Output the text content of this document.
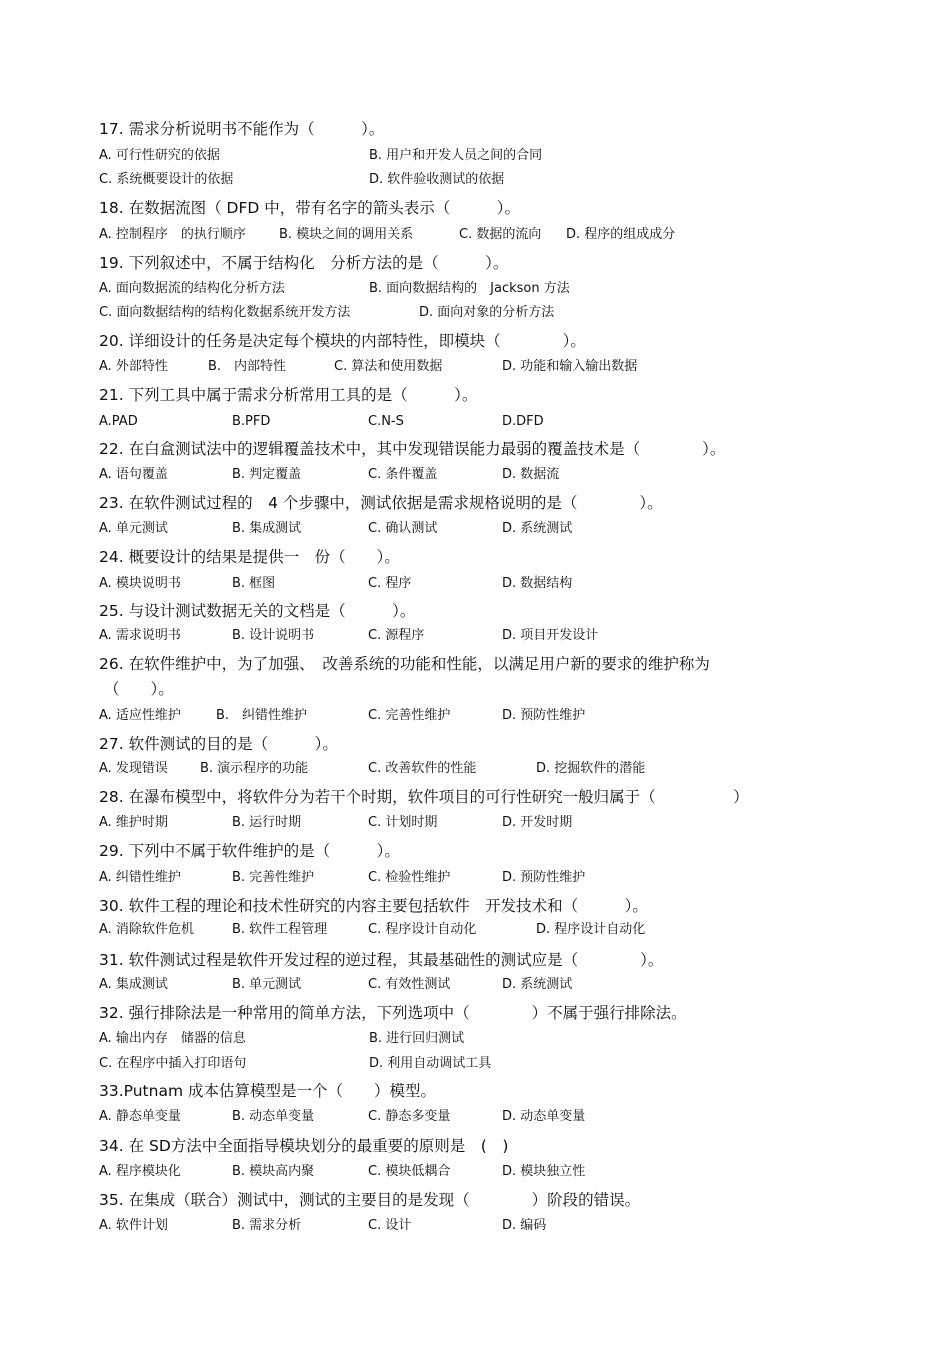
17. 需求分析说明书不能作为（　　　）。
A. 可行性研究的依据	B. 用户和开发人员之间的合同
C. 系统概要设计的依据	D. 软件验收测试的依据
18. 在数据流图（ DFD 中，带有名字的箭头表示（　　　）。
A. 控制程序　的执行顺序	B. 模块之间的调用关系	C. 数据的流向 D. 程序的组成成分
19. 下列叙述中，不属于结构化　分析方法的是（　　　）。
A. 面向数据流的结构化分析方法	B. 面向数据结构的　Jackson 方法
C. 面向数据结构的结构化数据系统开发方法	D. 面向对象的分析方法
20. 详细设计的任务是决定每个模块的内部特性，即模块（　　　　）。
A. 外部特性	B.　内部特性	C. 算法和使用数据	D. 功能和输入输出数据
21. 下列工具中属于需求分析常用工具的是（　　　）。
A.PAD	B.PFD	C.N-S	D.DFD
22. 在白盒测试法中的逻辑覆盖技术中，其中发现错误能力最弱的覆盖技术是（　　　　）。
A. 语句覆盖	B. 判定覆盖	C. 条件覆盖	D. 数据流
23. 在软件测试过程的　4 个步骤中，测试依据是需求规格说明的是（　　　　）。
A. 单元测试	B. 集成测试	C. 确认测试	D. 系统测试
24. 概要设计的结果是提供一　份（　　）。
A. 模块说明书	B. 框图	C. 程序	D. 数据结构
25. 与设计测试数据无关的文档是（　　　）。
A. 需求说明书	B. 设计说明书	C. 源程序	D. 项目开发设计
26. 在软件维护中，为了加强、　改善系统的功能和性能，以满足用户新的要求的维护称为
（　　）。
A. 适应性维护	B.　纠错性维护	C. 完善性维护	D. 预防性维护
27. 软件测试的目的是（　　　）。
A. 发现错误 B. 演示程序的功能	C. 改善软件的性能	D. 挖掘软件的潜能
28. 在瀑布模型中，将软件分为若干个时期，软件项目的可行性研究一般归属于（　　　　　）
A. 维护时期	B. 运行时期	C. 计划时期	D. 开发时期
29. 下列中不属于软件维护的是（　　　）。
A. 纠错性维护	B. 完善性维护	C. 检验性维护	D. 预防性维护
30. 软件工程的理论和技术性研究的内容主要包括软件　开发技术和（　　　）。
A. 消除软件危机	B. 软件工程管理	C. 程序设计自动化	D. 程序设计自动化
31. 软件测试过程是软件开发过程的逆过程，其最基础性的测试应是（　　　　）。
A. 集成测试	B. 单元测试	C. 有效性测试	D. 系统测试
32. 强行排除法是一种常用的简单方法，下列选项中（　　　　）不属于强行排除法。
A. 输出内存　储器的信息	B. 进行回归测试
C. 在程序中插入打印语句	D. 利用自动调试工具
33.Putnam 成本估算模型是一个（　　）模型。
A. 静态单变量	B. 动态单变量	C. 静态多变量	D. 动态单变量
34. 在 SD方法中全面指导模块划分的最重要的原则是　(　)
A. 程序模块化	B. 模块高内聚	C. 模块低耦合	D. 模块独立性
35. 在集成（联合）测试中，测试的主要目的是发现（　　　　）阶段的错误。
A. 软件计划	B. 需求分析	C. 设计	D. 编码
